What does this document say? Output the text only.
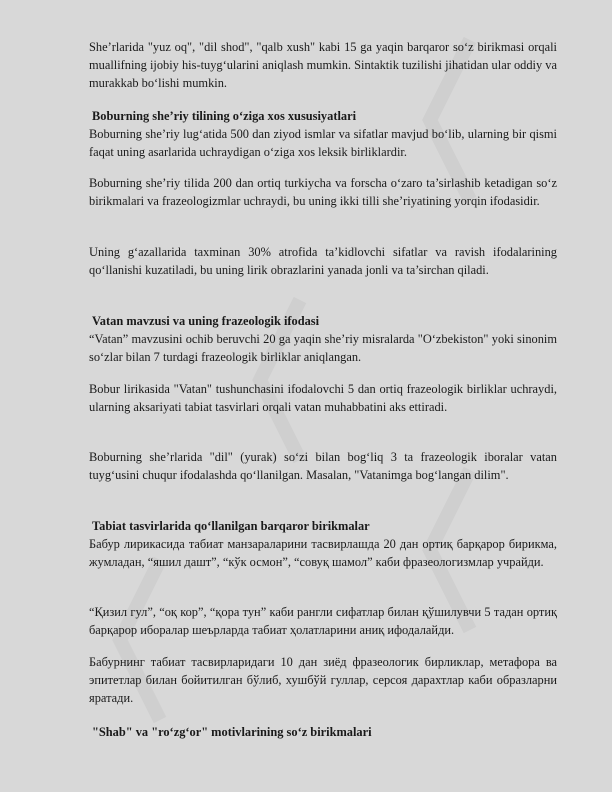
She’rlarida "yuz oq", "dil shod", "qalb xush" kabi 15 ga yaqin barqaror so‘z birikmasi orqali muallifning ijobiy his-tuyg‘ularini aniqlash mumkin. Sintaktik tuzilishi jihatidan ular oddiy va murakkab bo‘lishi mumkin.

Boburning she’riy tilining o‘ziga xos xususiyatlari

Boburning she’riy lug‘atida 500 dan ziyod ismlar va sifatlar mavjud bo‘lib, ularning bir qismi faqat uning asarlarida uchraydigan o‘ziga xos leksik birliklardir.

Boburning she’riy tilida 200 dan ortiq turkiycha va forscha o‘zaro ta’sirlashib ketadigan so‘z birikmalari va frazeologizmlar uchraydi, bu uning ikki tilli she’riyatining yorqin ifodasidir.

Uning g‘azallarida taxminan 30% atrofida ta’kidlovchi sifatlar va ravish ifodalarining qo‘llanishi kuzatiladi, bu uning lirik obrazlarini yanada jonli va ta’sirchan qiladi.

Vatan mavzusi va uning frazeologik ifodasi

“Vatan” mavzusini ochib beruvchi 20 ga yaqin she’riy misralarda "O‘zbekiston" yoki sinonim so‘zlar bilan 7 turdagi frazeologik birliklar aniqlangan.

Bobur lirikasida "Vatan" tushunchasini ifodalovchi 5 dan ortiq frazeologik birliklar uchraydi, ularning aksariyati tabiat tasvirlari orqali vatan muhabbatini aks ettiradi.

Boburning she’rlarida "dil" (yurak) so‘zi bilan bog‘liq 3 ta frazeologik iboralar vatan tuyg‘usini chuqur ifodalashda qo‘llanilgan. Masalan, "Vatanimga bog‘langan dilim".

Tabiat tasvirlarida qo‘llanilgan barqaror birikmalar

Бабур лирикасида табиат манзараларини тасвирлашда 20 дан ортиқ барқарор бирикма, жумладан, “яшил дашт”, “кўк осмон”, “совуқ шамол” каби фразеологизмлар учрайди.

“Қизил гул”, “оқ кор”, “қора тун” каби рангли сифатлар билан қўшилувчи 5 тадан ортиқ барқарор иборалар шеърларда табиат ҳолатларини аниқ ифодалайди.

Бабурнинг табиат тасвирларидаги 10 дан зиёд фразеологик бирликлар, метафора ва эпитетлар билан бойитилган бўлиб, хушбўй гуллар, серсоя дарахтлар каби образларни яратади.

"Shab" va "ro‘zg‘or" motivlarining so‘z birikmalari
